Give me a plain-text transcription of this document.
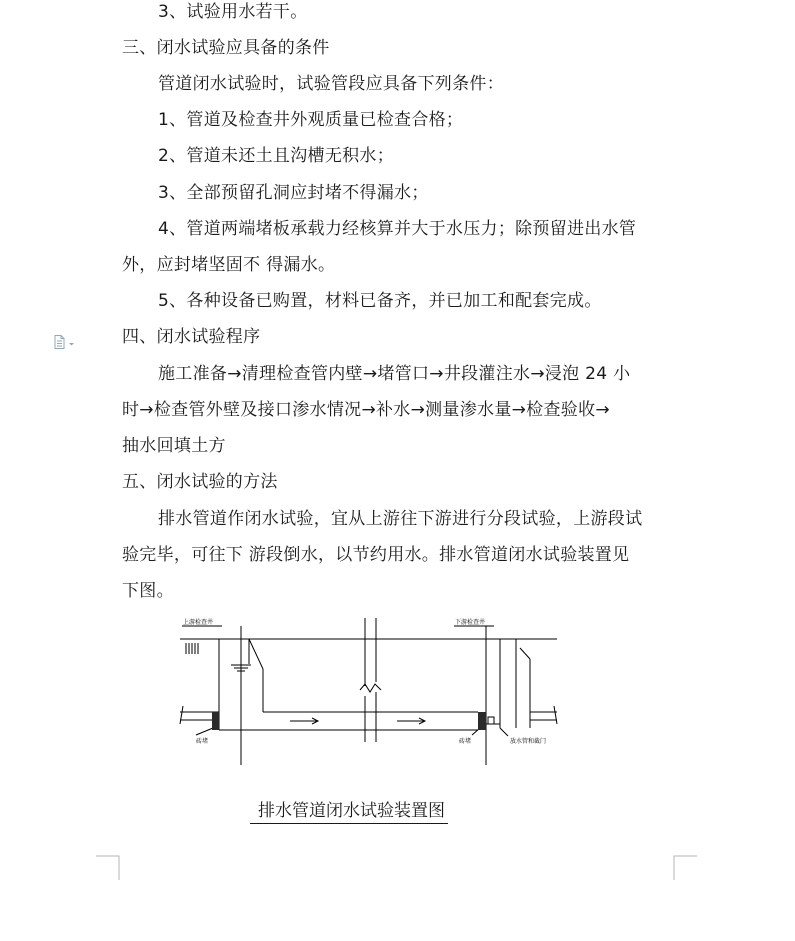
3、试验用水若干。
三、闭水试验应具备的条件
管道闭水试验时，试验管段应具备下列条件：
1、管道及检查井外观质量已检查合格；
2、管道未还土且沟槽无积水；
3、全部预留孔洞应封堵不得漏水；
4、管道两端堵板承载力经核算并大于水压力；除预留进出水管
外，应封堵坚固不 得漏水。
5、各种设备已购置，材料已备齐，并已加工和配套完成。
四、闭水试验程序
施工准备→清理检查管内壁→堵管口→井段灌注水→浸泡 24 小
时→检查管外壁及接口渗水情况→补水→测量渗水量→检查验收→
抽水回填土方
五、闭水试验的方法
排水管道作闭水试验，宜从上游往下游进行分段试验，上游段试
验完毕，可往下 游段倒水，以节约用水。排水管道闭水试验装置见
下图。
上游检查井	下游检查井
砖堵	砖堵	放水管和截门
排水管道闭水试验装置图
